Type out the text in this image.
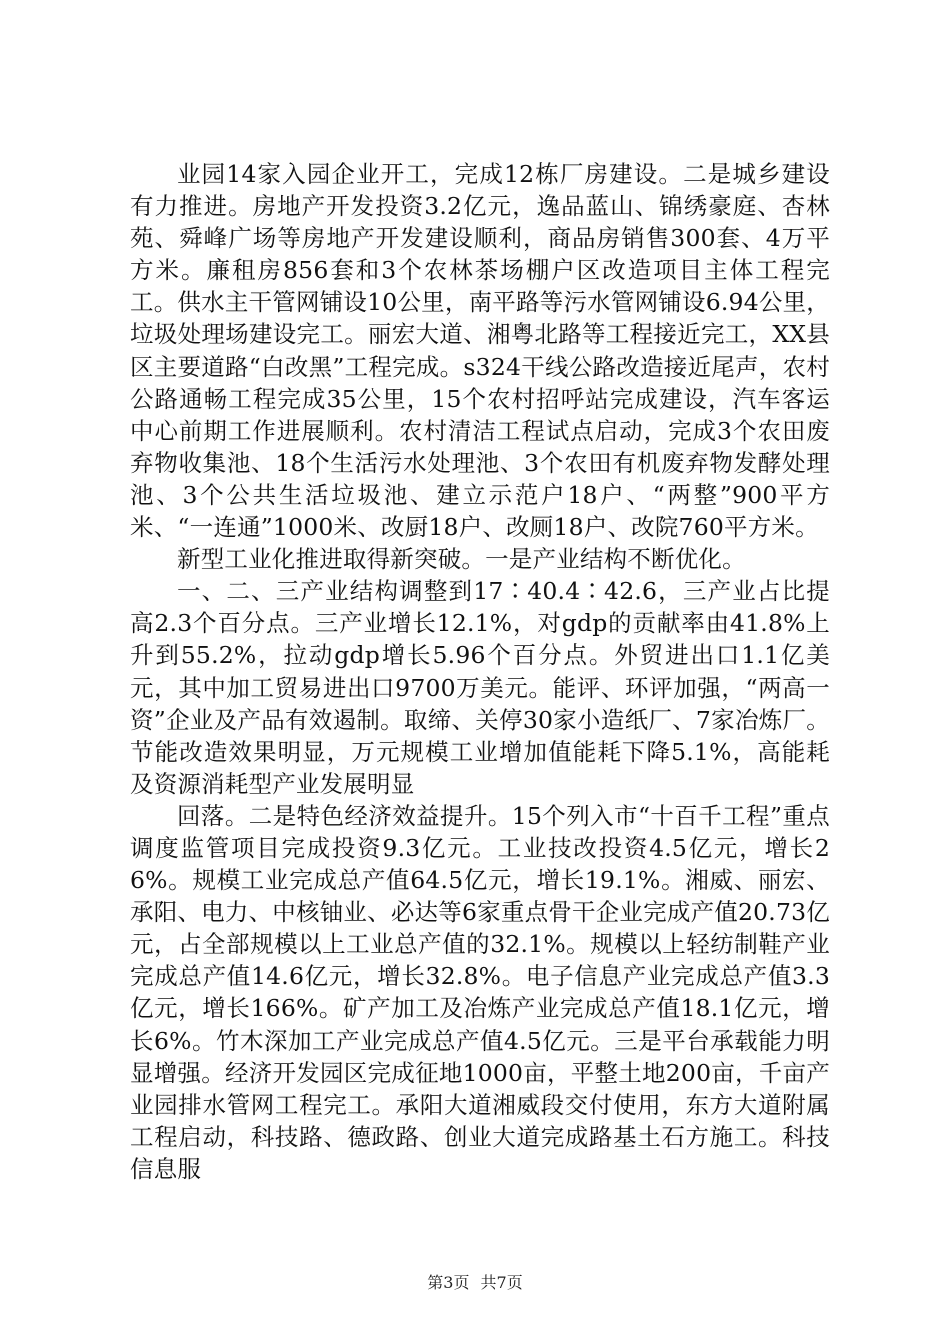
业园14家入园企业开工，完成12栋厂房建设。二是城乡建设有力推进。房地产开发投资3.2亿元，逸品蓝山、锦绣豪庭、杏林苑、舜峰广场等房地产开发建设顺利，商品房销售300套、4万平方米。廉租房856套和3个农林茶场棚户区改造项目主体工程完工。供水主干管网铺设10公里，南平路等污水管网铺设6.94公里，垃圾处理场建设完工。丽宏大道、湘粤北路等工程接近完工，XX县区主要道路“白改黑”工程完成。s324干线公路改造接近尾声，农村公路通畅工程完成35公里，15个农村招呼站完成建设，汽车客运中心前期工作进展顺利。农村清洁工程试点启动，完成3个农田废弃物收集池、18个生活污水处理池、3个农田有机废弃物发酵处理池、3个公共生活垃圾池、建立示范户18户、“两整”900平方米、“一连通”1000米、改厨18户、改厕18户、改院760平方米。

新型工业化推进取得新突破。一是产业结构不断优化。

一、二、三产业结构调整到17∶40.4∶42.6，三产业占比提高2.3个百分点。三产业增长12.1%，对gdp的贡献率由41.8%上升到55.2%，拉动gdp增长5.96个百分点。外贸进出口1.1亿美元，其中加工贸易进出口9700万美元。能评、环评加强，“两高一资”企业及产品有效遏制。取缔、关停30家小造纸厂、7家冶炼厂。节能改造效果明显，万元规模工业增加值能耗下降5.1%，高能耗及资源消耗型产业发展明显

回落。二是特色经济效益提升。15个列入市“十百千工程”重点调度监管项目完成投资9.3亿元。工业技改投资4.5亿元，增长26%。规模工业完成总产值64.5亿元，增长19.1%。湘威、丽宏、承阳、电力、中核铀业、必达等6家重点骨干企业完成产值20.73亿元，占全部规模以上工业总产值的32.1%。规模以上轻纺制鞋产业完成总产值14.6亿元，增长32.8%。电子信息产业完成总产值3.3亿元，增长166%。矿产加工及冶炼产业完成总产值18.1亿元，增长6%。竹木深加工产业完成总产值4.5亿元。三是平台承载能力明显增强。经济开发园区完成征地1000亩，平整土地200亩，千亩产业园排水管网工程完工。承阳大道湘威段交付使用，东方大道附属工程启动，科技路、德政路、创业大道完成路基土石方施工。科技信息服

第3页 共7页
